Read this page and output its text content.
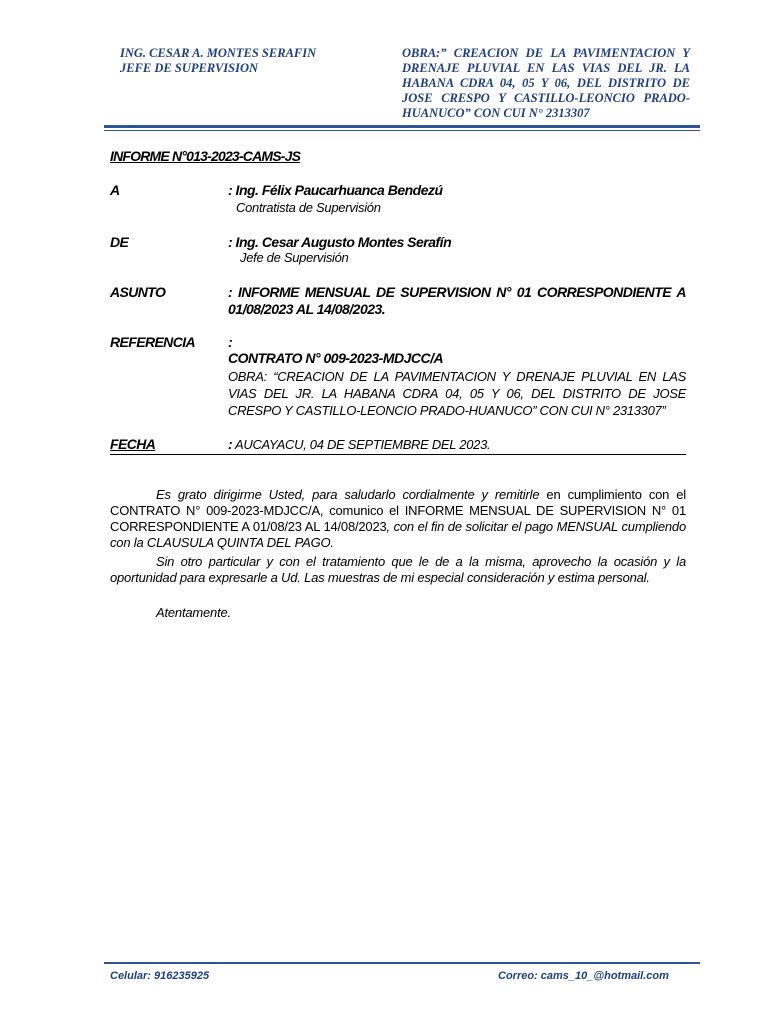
ING. CESAR A. MONTES SERAFIN
JEFE DE SUPERVISION
OBRA:” CREACION DE LA PAVIMENTACION Y DRENAJE PLUVIAL EN LAS VIAS DEL JR. LA HABANA CDRA 04, 05 Y 06, DEL DISTRITO DE JOSE CRESPO Y CASTILLO-LEONCIO PRADO-HUANUCO” CON CUI N° 2313307
INFORME N°013-2023-CAMS-JS
A	: Ing. Félix Paucarhuanca Bendezú
Contratista de Supervisión
DE	: Ing. Cesar Augusto Montes Serafín
Jefe de Supervisión
ASUNTO	: INFORME MENSUAL DE SUPERVISION N° 01 CORRESPONDIENTE A 01/08/2023 AL 14/08/2023.
REFERENCIA :
CONTRATO N° 009-2023-MDJCC/A
OBRA: “CREACION DE LA PAVIMENTACION Y DRENAJE PLUVIAL EN LAS VIAS DEL JR. LA HABANA CDRA 04, 05 Y 06, DEL DISTRITO DE JOSE CRESPO Y CASTILLO-LEONCIO PRADO-HUANUCO” CON CUI N° 2313307”
FECHA	: AUCAYACU, 04 DE SEPTIEMBRE DEL 2023.
Es grato dirigirme Usted, para saludarlo cordialmente y remitirle en cumplimiento con el CONTRATO N° 009-2023-MDJCC/A, comunico el INFORME MENSUAL DE SUPERVISION N° 01 CORRESPONDIENTE A 01/08/23 AL 14/08/2023, con el fin de solicitar el pago MENSUAL cumpliendo con la CLAUSULA QUINTA DEL PAGO.
Sin otro particular y con el tratamiento que le de a la misma, aprovecho la ocasión y la oportunidad para expresarle a Ud. Las muestras de mi especial consideración y estima personal.
Atentamente.
Celular: 916235925	Correo: cams_10_@hotmail.com
